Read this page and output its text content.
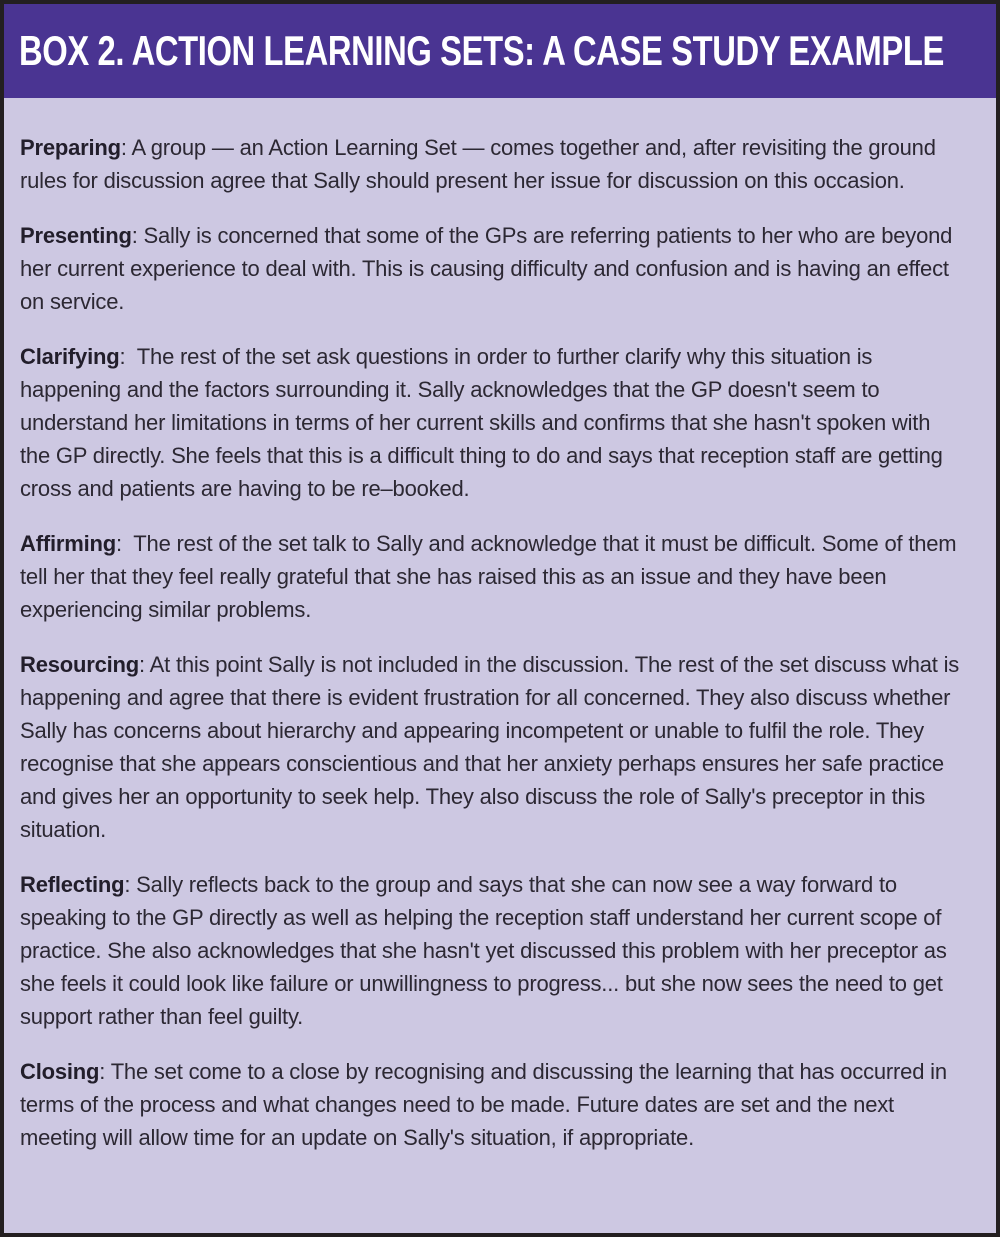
BOX 2. ACTION LEARNING SETS: A CASE STUDY EXAMPLE

Preparing: A group — an Action Learning Set — comes together and, after revisiting the ground rules for discussion agree that Sally should present her issue for discussion on this occasion.

Presenting: Sally is concerned that some of the GPs are referring patients to her who are beyond her current experience to deal with. This is causing difficulty and confusion and is having an effect on service.

Clarifying:  The rest of the set ask questions in order to further clarify why this situation is happening and the factors surrounding it. Sally acknowledges that the GP doesn't seem to understand her limitations in terms of her current skills and confirms that she hasn't spoken with the GP directly. She feels that this is a difficult thing to do and says that reception staff are getting cross and patients are having to be re–booked.

Affirming:  The rest of the set talk to Sally and acknowledge that it must be difficult. Some of them tell her that they feel really grateful that she has raised this as an issue and they have been experiencing similar problems.

Resourcing: At this point Sally is not included in the discussion. The rest of the set discuss what is happening and agree that there is evident frustration for all concerned. They also discuss whether Sally has concerns about hierarchy and appearing incompetent or unable to fulfil the role. They recognise that she appears conscientious and that her anxiety perhaps ensures her safe practice and gives her an opportunity to seek help. They also discuss the role of Sally's preceptor in this situation.

Reflecting: Sally reflects back to the group and says that she can now see a way forward to speaking to the GP directly as well as helping the reception staff understand her current scope of practice. She also acknowledges that she hasn't yet discussed this problem with her preceptor as she feels it could look like failure or unwillingness to progress... but she now sees the need to get support rather than feel guilty.

Closing: The set come to a close by recognising and discussing the learning that has occurred in terms of the process and what changes need to be made. Future dates are set and the next meeting will allow time for an update on Sally's situation, if appropriate.
